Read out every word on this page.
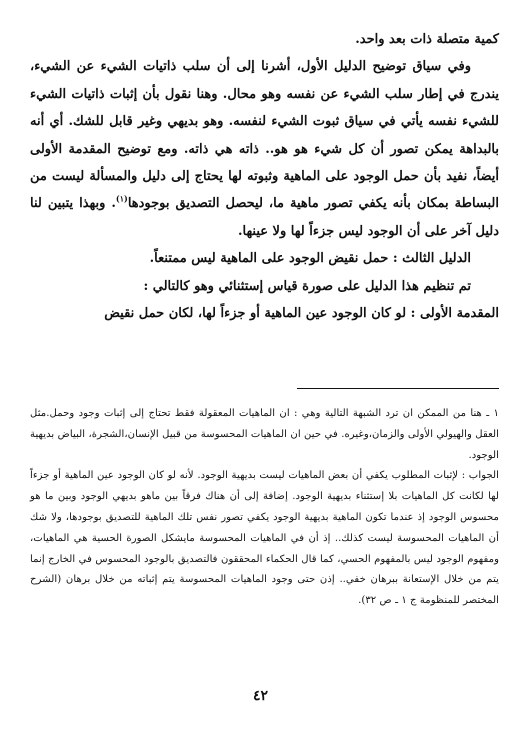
كمية متصلة ذات بعد واحد.

وفي سياق توضيح الدليل الأول، أشرنا إلى أن سلب ذاتيات الشيء عن الشيء، يندرج في إطار سلب الشيء عن نفسه وهو محال. وهنا نقول بأن إثبات ذاتيات الشيء للشيء نفسه يأتي في سياق ثبوت الشيء لنفسه. وهو بديهي وغير قابل للشك. أي أنه بالبداهة يمكن تصور أن كل شيء هو هو.. ذاته هي ذاته. ومع توضيح المقدمة الأولى أيضاً، نفيد بأن حمل الوجود على الماهية وثبوته لها يحتاج إلى دليل والمسألة ليست من البساطة بمكان بأنه يكفي تصور ماهية ما، ليحصل التصديق بوجودها$^{(١)}$. وبهذا يتبين لنا دليل آخر على أن الوجود ليس جزءاً لها ولا عينها.

الدليل الثالث : حمل نقيض الوجود على الماهية ليس ممتنعاً.

تم تنظيم هذا الدليل على صورة قياس إستثنائي وهو كالتالي :

المقدمة الأولى : لو كان الوجود عين الماهية أو جزءاً لها، لكان حمل نقيض

١ ـ هنا من الممكن ان ترد الشبهة التالية وهي : ان الماهيات المعقولة فقط تحتاج إلى إثبات وجود وحمل.مثل العقل والهيولي الأولى والزمان،وغيره. في حين ان الماهيات المحسوسة من قبيل الإنسان،الشجرة، البياض بديهية الوجود.

الجواب : لإثبات المطلوب يكفي أن بعض الماهيات ليست بديهية الوجود. لأنه لو كان الوجود عين الماهية أو جزءاً لها لكانت كل الماهيات بلا إستثناء بديهية الوجود. إضافة إلى أن هناك فرقاً بين ماهو بديهي الوجود وبين ما هو محسوس الوجود إذ عندما تكون الماهية بديهية الوجود يكفي تصور نفس تلك الماهية للتصديق بوجودها، ولا شك أن الماهيات المحسوسة ليست كذلك.. إذ أن في الماهيات المحسوسة مايشكل الصورة الحسية هي الماهيات، ومفهوم الوجود ليس بالمفهوم الحسي، كما قال الحكماء المحققون فالتصديق بالوجود المحسوس في الخارج إنما يتم من خلال الإستعانة ببرهان خفي.. إذن حتى وجود الماهيات المحسوسة يتم إثباته من خلال برهان (الشرح المختصر للمنظومة ج ١ ـ ص ٣٢).

٤٢
